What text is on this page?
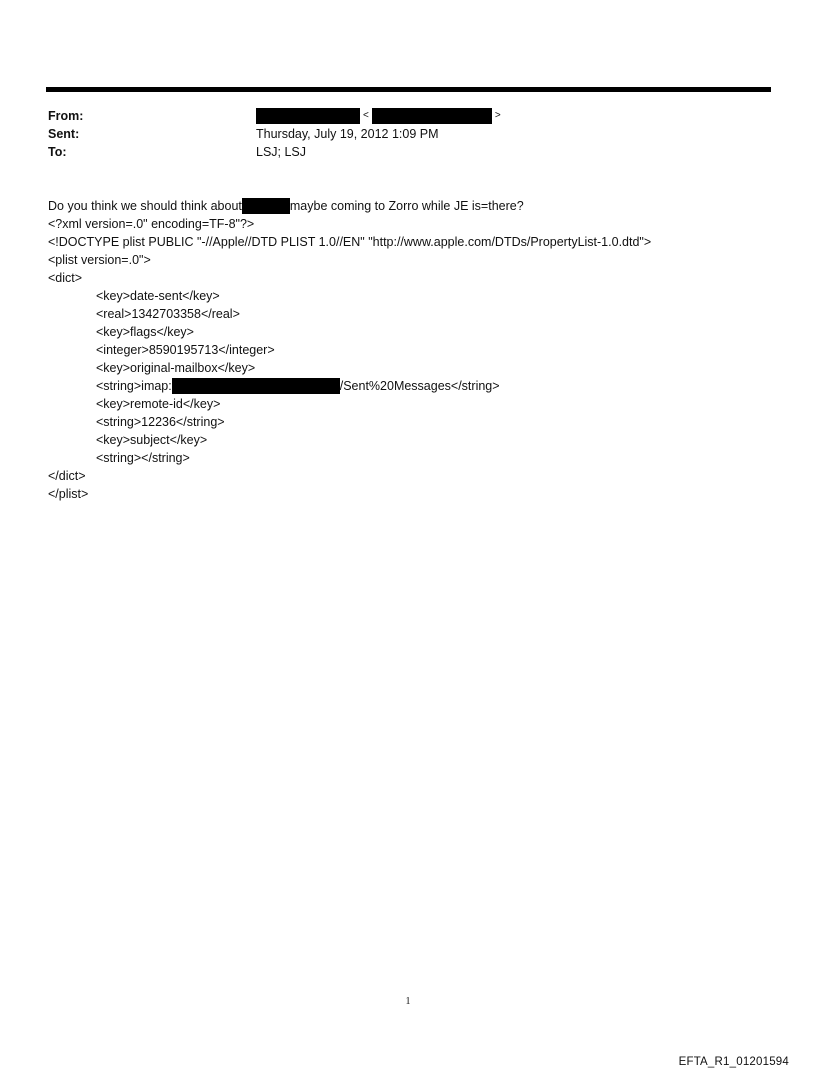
From:	<	>
Sent:	Thursday, July 19, 2012 1:09 PM
To:	LSJ; LSJ
Do you think we should think about	maybe coming to Zorro while JE is=there?
<?xml version=.0" encoding=TF-8"?>
<!DOCTYPE plist PUBLIC "-//Apple//DTD PLIST 1.0//EN" "http://www.apple.com/DTDs/PropertyList-1.0.dtd">
<plist version=.0">
<dict>
<key>date-sent</key>
<real>1342703358</real>
<key>flags</key>
<integer>8590195713</integer>
<key>original-mailbox</key>
<string>imap:	/Sent%20Messages</string>
<key>remote-id</key>
<string>12236</string>
<key>subject</key>
<string></string>
</dict>
</plist>
1
EFTA_R1_01201594
